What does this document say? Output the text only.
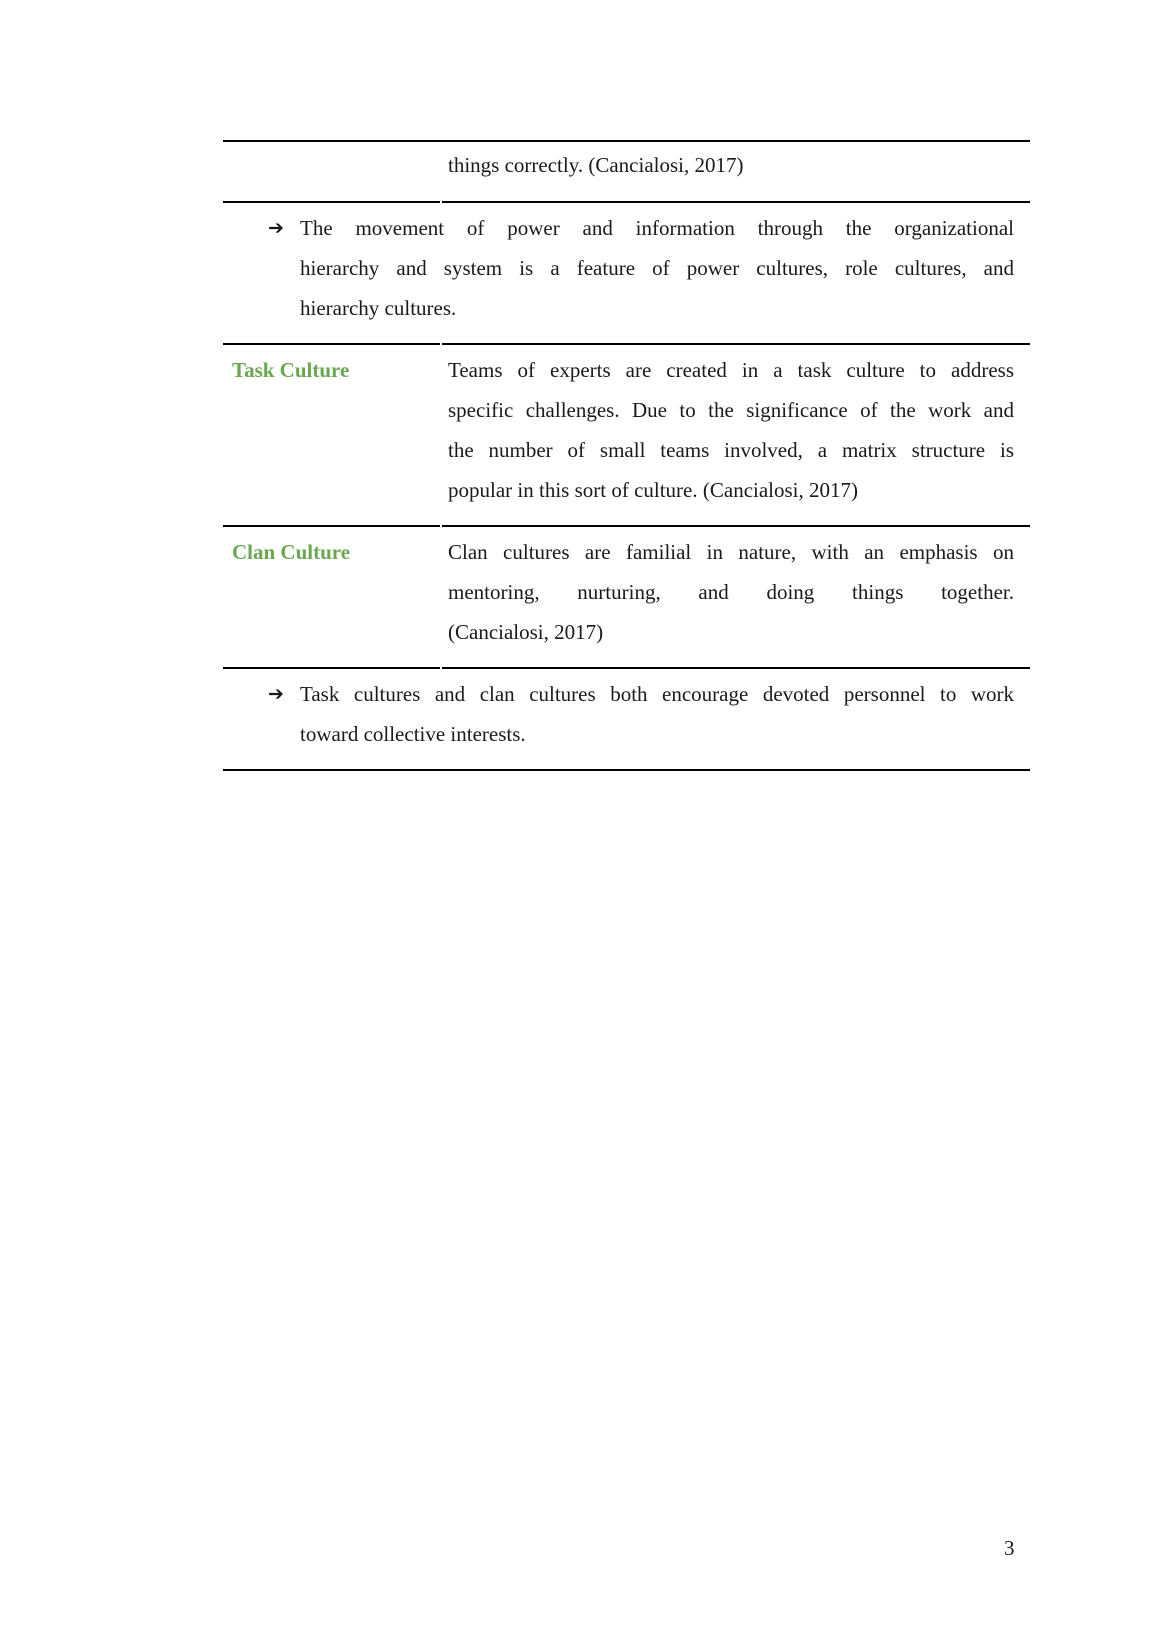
things correctly. (Cancialosi, 2017)
➔ The movement of power and information through the organizational
hierarchy and system is a feature of power cultures, role cultures, and
hierarchy cultures.
Task Culture	Teams of experts are created in a task culture to address
specific challenges. Due to the significance of the work and
the number of small teams involved, a matrix structure is
popular in this sort of culture. (Cancialosi, 2017)
Clan Culture	Clan cultures are familial in nature, with an emphasis on
mentoring, nurturing, and doing things together.
(Cancialosi, 2017)
➔ Task cultures and clan cultures both encourage devoted personnel to work
toward collective interests.
3
